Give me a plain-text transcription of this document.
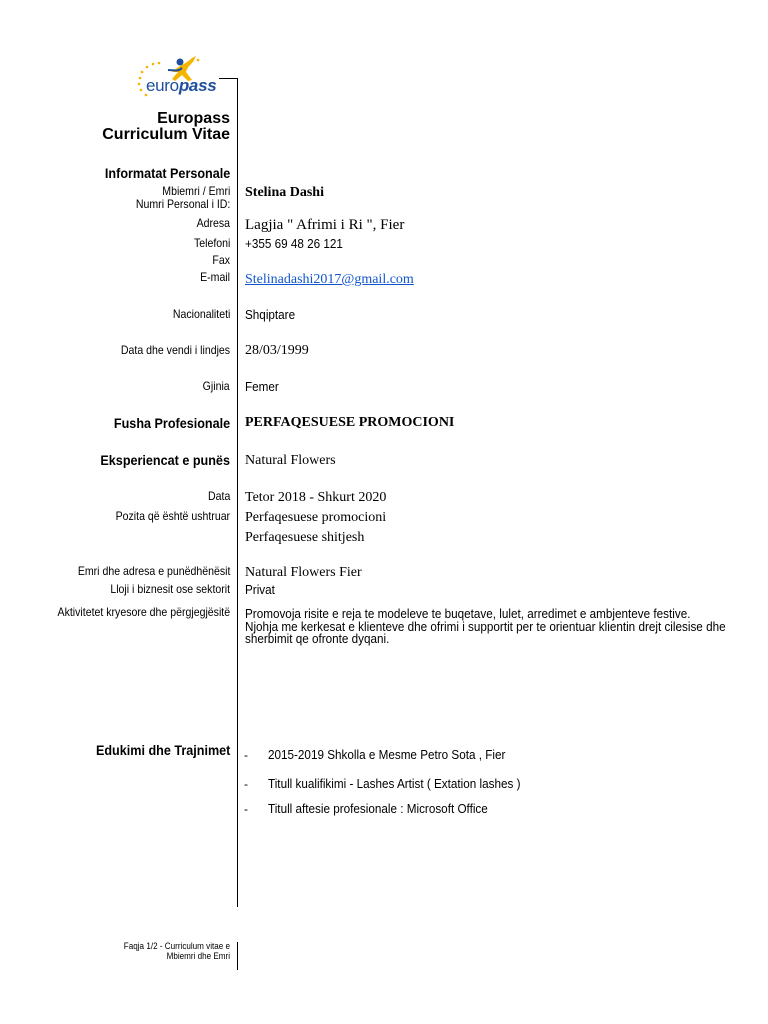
europass
Europass
Curriculum Vitae
Informatat Personale
Mbiemri / Emri
Numri Personal i ID:
Stelina Dashi
Adresa Lagjia " Afrimi i Ri ", Fier
Telefoni +355 69 48 26 121
Fax
E-mail Stelinadashi2017@gmail.com
Nacionaliteti Shqiptare
Data dhe vendi i lindjes 28/03/1999
Gjinia Femer
Fusha Profesionale PERFAQESUESE PROMOCIONI
Eksperiencat e punës Natural Flowers
Data Tetor 2018 - Shkurt 2020
Pozita që është ushtruar Perfaqesuese promocioni
Perfaqesuese shitjesh
Emri dhe adresa e punëdhënësit Natural Flowers Fier
Lloji i biznesit ose sektorit Privat
Aktivitetet kryesore dhe përgjegjësitë Promovoja risite e reja te modeleve te buqetave, lulet, arredimet e ambjenteve festive.
Njohja me kerkesat e klienteve dhe ofrimi i supportit per te orientuar klientin drejt cilesise dhe
sherbimit qe ofronte dyqani.
Edukimi dhe Trajnimet - 2015-2019 Shkolla e Mesme Petro Sota , Fier
- Titull kualifikimi - Lashes Artist ( Extation lashes )
- Titull aftesie profesionale : Microsoft Office
Faqja 1/2 - Curriculum vitae e
Mbiemri dhe Emri
